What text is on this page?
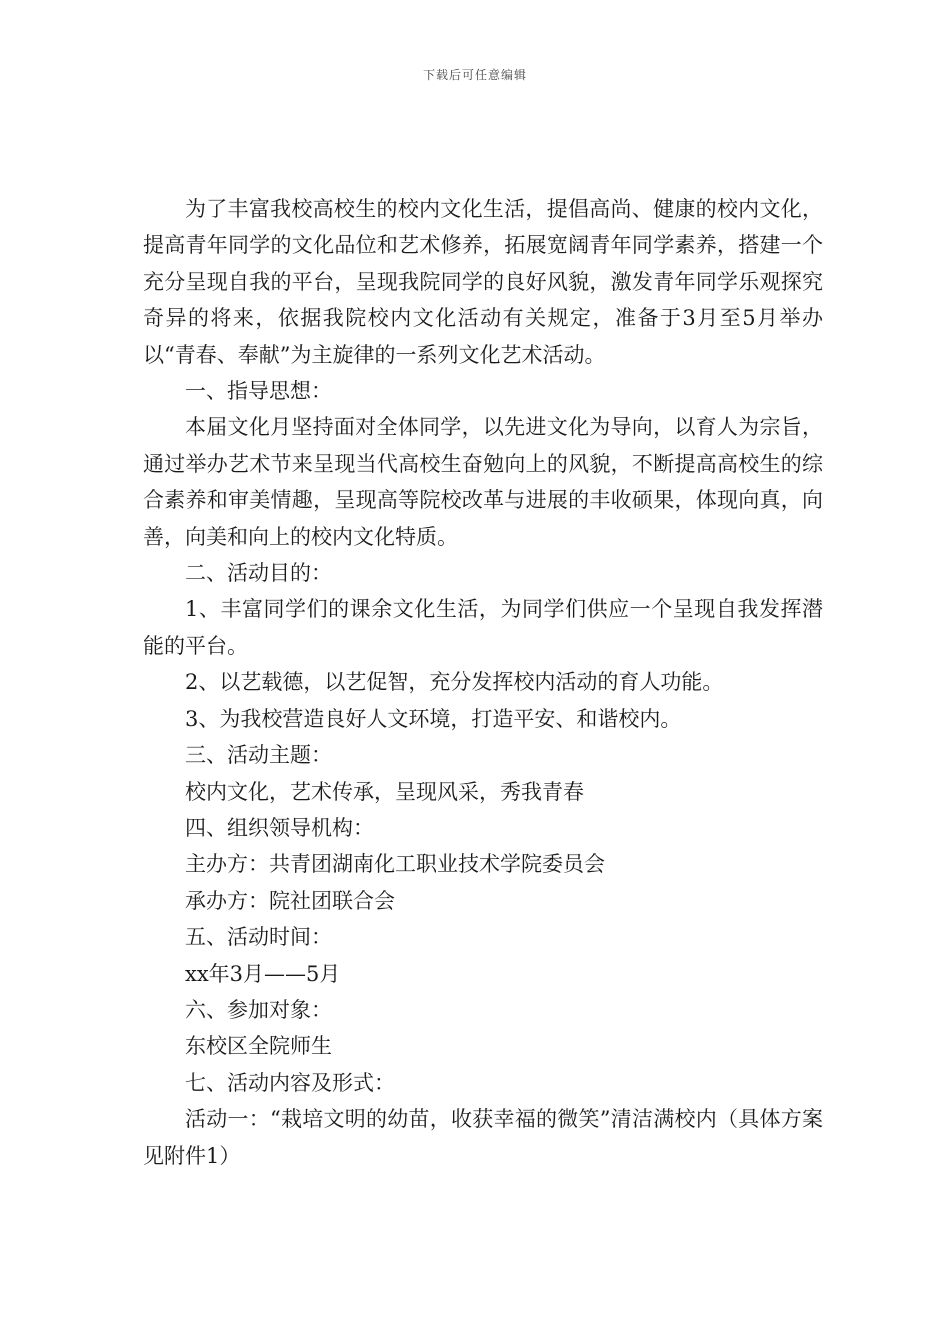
下载后可任意编辑

为了丰富我校高校生的校内文化生活，提倡高尚、健康的校内文化，提高青年同学的文化品位和艺术修养，拓展宽阔青年同学素养，搭建一个充分呈现自我的平台，呈现我院同学的良好风貌，激发青年同学乐观探究奇异的将来，依据我院校内文化活动有关规定，准备于3月至5月举办以“青春、奉献”为主旋律的一系列文化艺术活动。

一、指导思想：

本届文化月坚持面对全体同学，以先进文化为导向，以育人为宗旨，通过举办艺术节来呈现当代高校生奋勉向上的风貌，不断提高高校生的综合素养和审美情趣，呈现高等院校改革与进展的丰收硕果，体现向真，向善，向美和向上的校内文化特质。

二、活动目的：

1、丰富同学们的课余文化生活，为同学们供应一个呈现自我发挥潜能的平台。

2、以艺载德，以艺促智，充分发挥校内活动的育人功能。

3、为我校营造良好人文环境，打造平安、和谐校内。

三、活动主题：

校内文化，艺术传承，呈现风采，秀我青春

四、组织领导机构：

主办方：共青团湖南化工职业技术学院委员会

承办方：院社团联合会

五、活动时间：

xx年3月——5月

六、参加对象：

东校区全院师生

七、活动内容及形式：

活动一：“栽培文明的幼苗，收获幸福的微笑”清洁满校内（具体方案见附件1）
